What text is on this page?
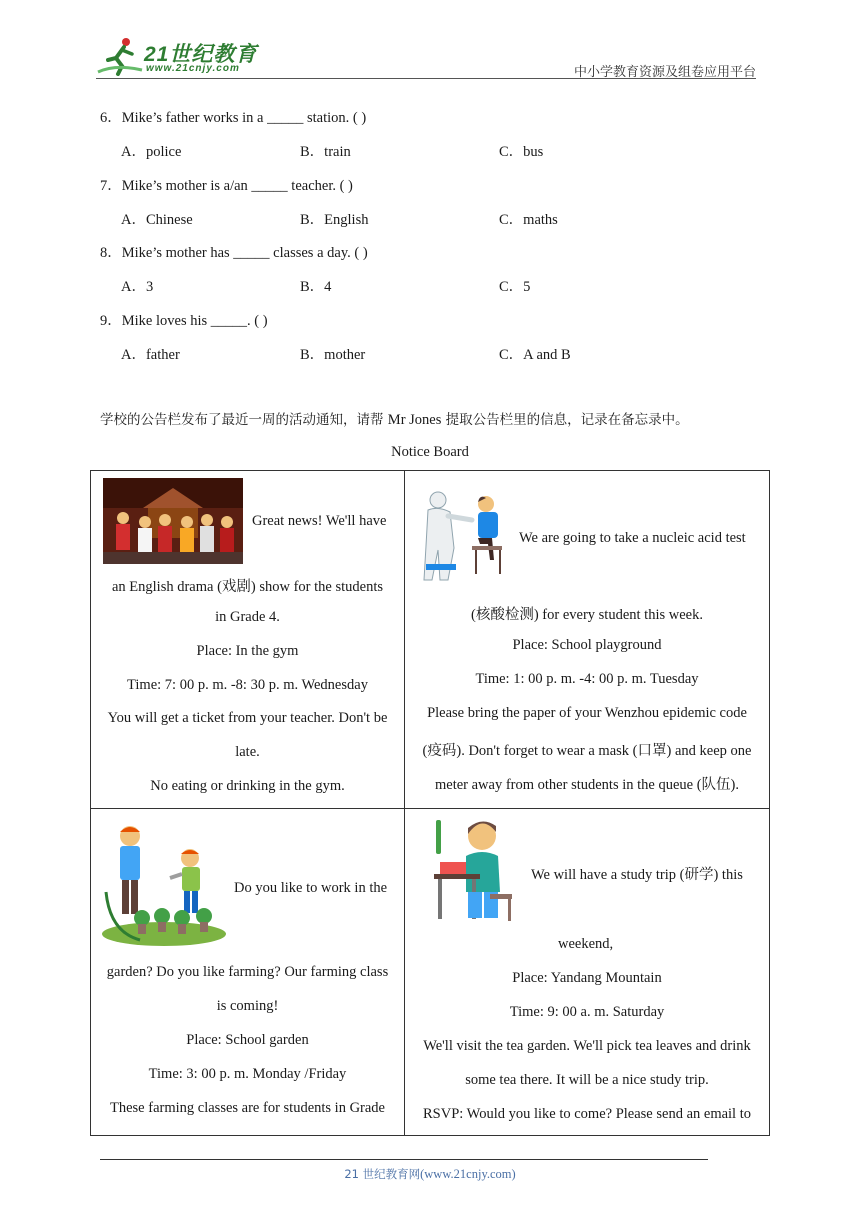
21世纪教育
www.21cnjy.com	中小学教育资源及组卷应用平台
6．Mike’s father works in a _____ station. ( )
A．police	B．train	C．bus
7．Mike’s mother is a/an _____ teacher. ( )
A．Chinese	B．English	C．maths
8．Mike’s mother has _____ classes a day. ( )
A．3	B．4	C．5
9．Mike loves his _____. ( )
A．father	B．mother	C．A and B
学校的公告栏发布了最近一周的活动通知，请帮 Mr Jones 提取公告栏里的信息，记录在备忘录中。
Notice Board
Great news! We'll have
an English drama (戏剧) show for the students
in Grade 4.
Place: In the gym
Time: 7: 00 p. m. -8: 30 p. m. Wednesday
You will get a ticket from your teacher. Don't be
late.
No eating or drinking in the gym.
We are going to take a nucleic acid test
(核酸检测) for every student this week.
Place: School playground
Time: 1: 00 p. m. -4: 00 p. m. Tuesday
Please bring the paper of your Wenzhou epidemic code
(疫码). Don't forget to wear a mask (口罩) and keep one
meter away from other students in the queue (队伍).
Do you like to work in the
garden? Do you like farming? Our farming class
is coming!
Place: School garden
Time: 3: 00 p. m. Monday /Friday
These farming classes are for students in Grade
We will have a study trip (研学) this
weekend,
Place: Yandang Mountain
Time: 9: 00 a. m. Saturday
We'll visit the tea garden. We'll pick tea leaves and drink
some tea there. It will be a nice study trip.
RSVP: Would you like to come? Please send an email to
21 世纪教育网(www.21cnjy.com)
